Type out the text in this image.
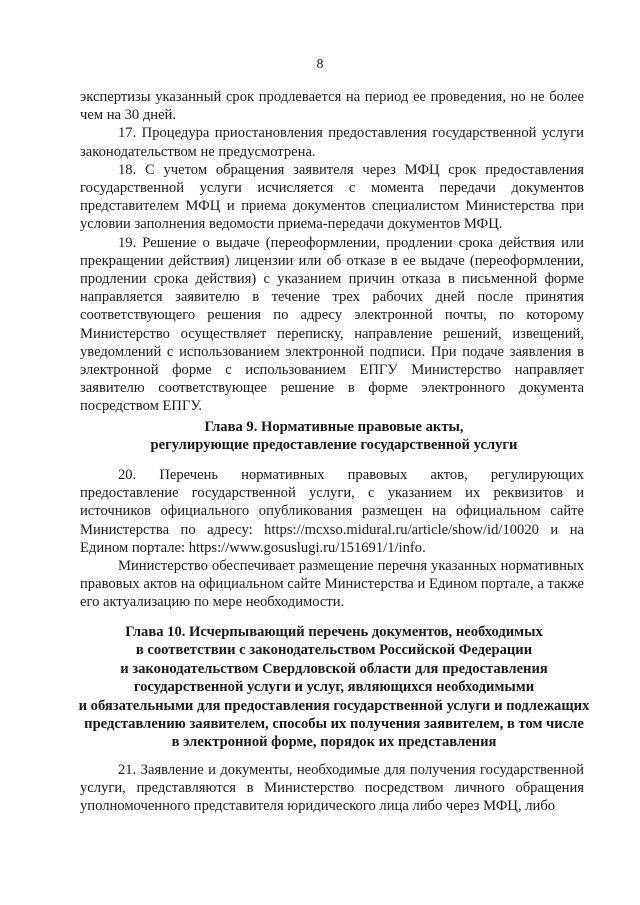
8

экспертизы указанный срок продлевается на период ее проведения, но не более чем на 30 дней.

17. Процедура приостановления предоставления государственной услуги законодательством не предусмотрена.

18. С учетом обращения заявителя через МФЦ срок предоставления государственной услуги исчисляется с момента передачи документов представителем МФЦ и приема документов специалистом Министерства при условии заполнения ведомости приема-передачи документов МФЦ.

19. Решение о выдаче (переоформлении, продлении срока действия или прекращении действия) лицензии или об отказе в ее выдаче (переоформлении, продлении срока действия) с указанием причин отказа в письменной форме направляется заявителю в течение трех рабочих дней после принятия соответствующего решения по адресу электронной почты, по которому Министерство осуществляет переписку, направление решений, извещений, уведомлений с использованием электронной подписи. При подаче заявления в электронной форме с использованием ЕПГУ Министерство направляет заявителю соответствующее решение в форме электронного документа посредством ЕПГУ.

Глава 9. Нормативные правовые акты,
регулирующие предоставление государственной услуги

20. Перечень нормативных правовых актов, регулирующих предоставление государственной услуги, с указанием их реквизитов и источников официального опубликования размещен на официальном сайте Министерства по адресу: https://mcxso.midural.ru/article/show/id/10020 и на Едином портале: https://www.gosuslugi.ru/151691/1/info.

Министерство обеспечивает размещение перечня указанных нормативных правовых актов на официальном сайте Министерства и Едином портале, а также его актуализацию по мере необходимости.

Глава 10. Исчерпывающий перечень документов, необходимых
в соответствии с законодательством Российской Федерации
и законодательством Свердловской области для предоставления
государственной услуги и услуг, являющихся необходимыми
и обязательными для предоставления государственной услуги и подлежащих
представлению заявителем, способы их получения заявителем, в том числе
в электронной форме, порядок их представления

21. Заявление и документы, необходимые для получения государственной услуги, представляются в Министерство посредством личного обращения уполномоченного представителя юридического лица либо через МФЦ, либо
